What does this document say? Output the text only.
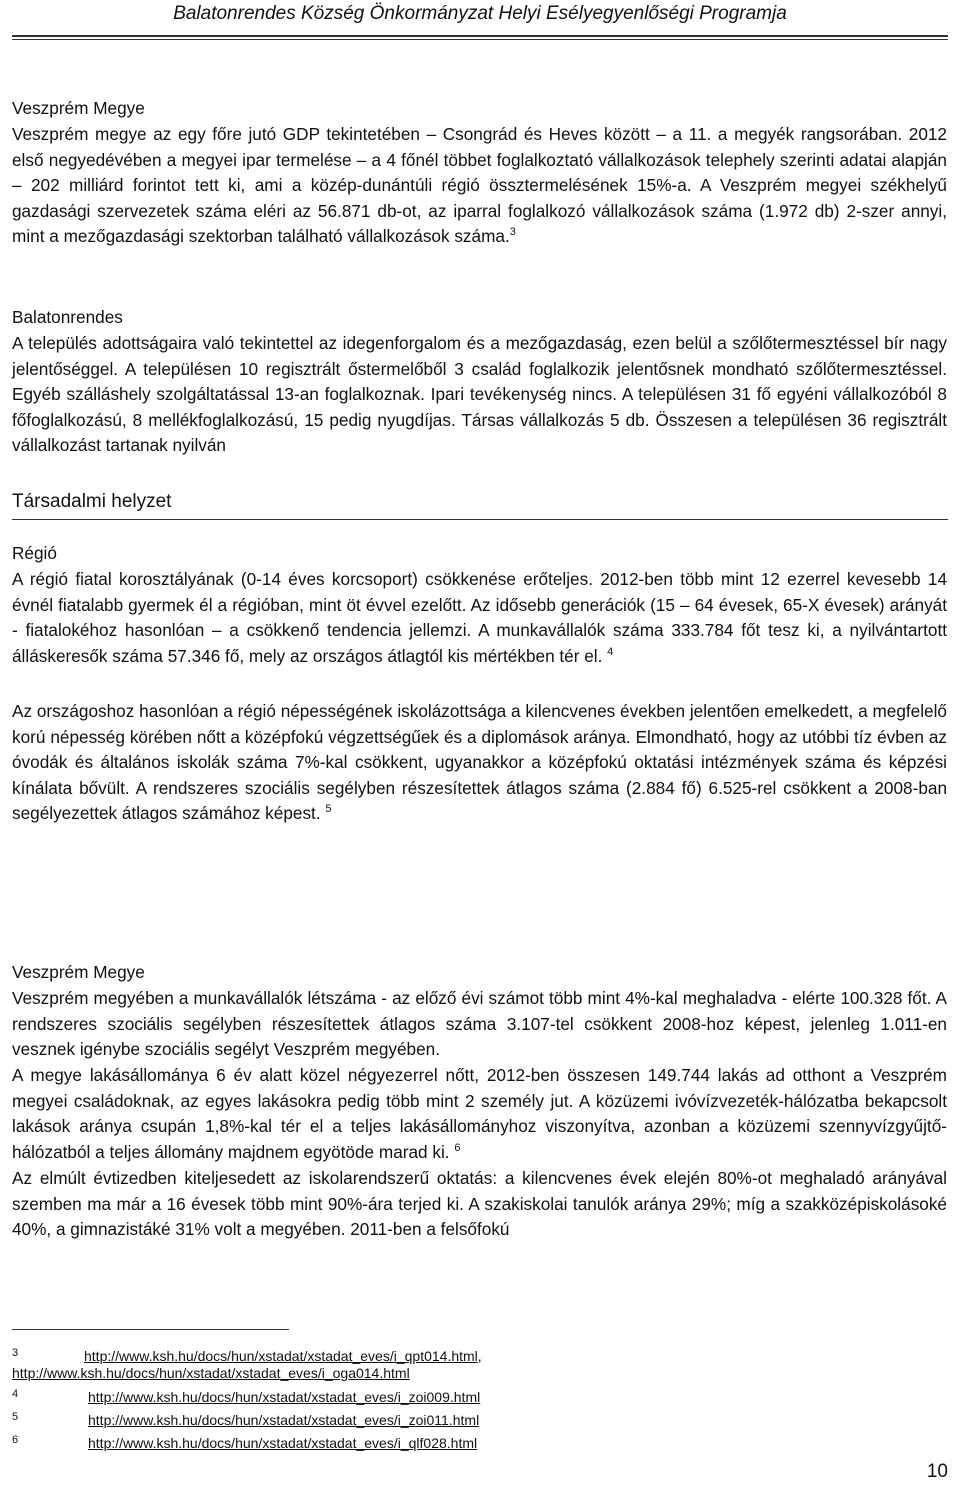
Balatonrendes Község Önkormányzat Helyi Esélyegyenlőségi Programja
Veszprém Megye

Veszprém megye az egy főre jutó GDP tekintetében – Csongrád és Heves között – a 11. a megyék rangsorában. 2012 első negyedévében a megyei ipar termelése – a 4 főnél többet foglalkoztató vállalkozások telephely szerinti adatai alapján – 202 milliárd forintot tett ki, ami a közép-dunántúli régió össztermelésének 15%-a. A Veszprém megyei székhelyű gazdasági szervezetek száma eléri az 56.871 db-ot, az iparral foglalkozó vállalkozások száma (1.972 db) 2-szer annyi, mint a mezőgazdasági szektorban található vállalkozások száma.$^3$

Balatonrendes

A település adottságaira való tekintettel az idegenforgalom és a mezőgazdaság, ezen belül a szőlőtermesztéssel bír nagy jelentőséggel. A településen 10 regisztrált őstermelőből 3 család foglalkozik jelentősnek mondható szőlőtermesztéssel. Egyéb szálláshely szolgáltatással 13-an foglalkoznak. Ipari tevékenység nincs. A településen 31 fő egyéni vállalkozóból 8 főfoglalkozású, 8 mellékfoglalkozású, 15 pedig nyugdíjas. Társas vállalkozás 5 db. Összesen a településen 36 regisztrált vállalkozást tartanak nyilván

Társadalmi helyzet
Régió

A régió fiatal korosztályának (0-14 éves korcsoport) csökkenése erőteljes. 2012-ben több mint 12 ezerrel kevesebb 14 évnél fiatalabb gyermek él a régióban, mint öt évvel ezelőtt. Az idősebb generációk (15 – 64 évesek, 65-X évesek) arányát - fiatalokéhoz hasonlóan – a csökkenő tendencia jellemzi. A munkavállalók száma 333.784 főt tesz ki, a nyilvántartott álláskeresők száma 57.346 fő, mely az országos átlagtól kis mértékben tér el. $^4$

Az országoshoz hasonlóan a régió népességének iskolázottsága a kilencvenes években jelentően emelkedett, a megfelelő korú népesség körében nőtt a középfokú végzettségűek és a diplomások aránya. Elmondható, hogy az utóbbi tíz évben az óvodák és általános iskolák száma 7%-kal csökkent, ugyanakkor a középfokú oktatási intézmények száma és képzési kínálata bővült. A rendszeres szociális segélyben részesítettek átlagos száma (2.884 fő) 6.525-rel csökkent a 2008-ban segélyezettek átlagos számához képest. $^5$

Veszprém Megye

Veszprém megyében a munkavállalók létszáma - az előző évi számot több mint 4%-kal meghaladva - elérte 100.328 főt. A rendszeres szociális segélyben részesítettek átlagos száma 3.107-tel csökkent 2008-hoz képest, jelenleg 1.011-en vesznek igénybe szociális segélyt Veszprém megyében.

A megye lakásállománya 6 év alatt közel négyezerrel nőtt, 2012-ben összesen 149.744 lakás ad otthont a Veszprém megyei családoknak, az egyes lakásokra pedig több mint 2 személy jut. A közüzemi ivóvízvezeték-hálózatba bekapcsolt lakások aránya csupán 1,8%-kal tér el a teljes lakásállományhoz viszonyítva, azonban a közüzemi szennyvízgyűjtő-hálózatból a teljes állomány majdnem egyötöde marad ki. $^6$

Az elmúlt évtizedben kiteljesedett az iskolarendszerű oktatás: a kilencvenes évek elején 80%-ot meghaladó arányával szemben ma már a 16 évesek több mint 90%-ára terjed ki. A szakiskolai tanulók aránya 29%; míg a szakközépiskolásoké 40%, a gimnazistáké 31% volt a megyében. 2011-ben a felsőfokú

3	http://www.ksh.hu/docs/hun/xstadat/xstadat_eves/i_qpt014.html,
http://www.ksh.hu/docs/hun/xstadat/xstadat_eves/i_oga014.html
4	http://www.ksh.hu/docs/hun/xstadat/xstadat_eves/i_zoi009.html
5	http://www.ksh.hu/docs/hun/xstadat/xstadat_eves/i_zoi011.html
6	http://www.ksh.hu/docs/hun/xstadat/xstadat_eves/i_qlf028.html
10
